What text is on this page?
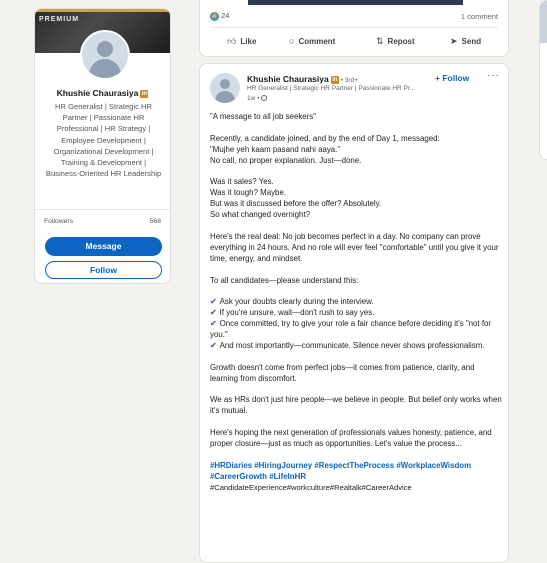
PREMIUM
Khushie Chaurasiya in
HR Generalist | Strategic HR Partner | Passionate HR Professional | HR Strategy | Employee Development | Organizational Development | Training & Development | Business-Oriented HR Leadership
Followers	568
Message
Follow
👍 24	1 comment
👍︎ Like	○ Comment	⇅ Repost	➤ Send
Khushie Chaurasiya in • 3rd+
HR Generalist | Strategic HR Partner | Passionate HR Pr...
1w •
+ Follow ···

"A message to all job seekers"

Recently, a candidate joined, and by the end of Day 1, messaged:

"Mujhe yeh kaam pasand nahi aaya."

No call, no proper explanation. Just—done.

Was it sales? Yes.

Was it tough? Maybe.

But was it discussed before the offer? Absolutely.

So what changed overnight?

Here's the real deal: No job becomes perfect in a day. No company can prove everything in 24 hours. And no role will ever feel "comfortable" until you give it your time, energy, and mindset.

To all candidates—please understand this:

✔ Ask your doubts clearly during the interview.

✔ If you're unsure, wait—don't rush to say yes.

✔ Once committed, try to give your role a fair chance before deciding it's "not for you."

✔ And most importantly—communicate. Silence never shows professionalism.

Growth doesn't come from perfect jobs—it comes from patience, clarity, and learning from discomfort.

We as HRs don't just hire people—we believe in people. But belief only works when it's mutual.

Here's hoping the next generation of professionals values honesty, patience, and proper closure—just as much as opportunities. Let's value the process...

#HRDiaries #HiringJourney #RespectTheProcess #WorkplaceWisdom #CareerGrowth #LifeInHR

#CandidateExperience#workculture#Realtalk#CareerAdvice
